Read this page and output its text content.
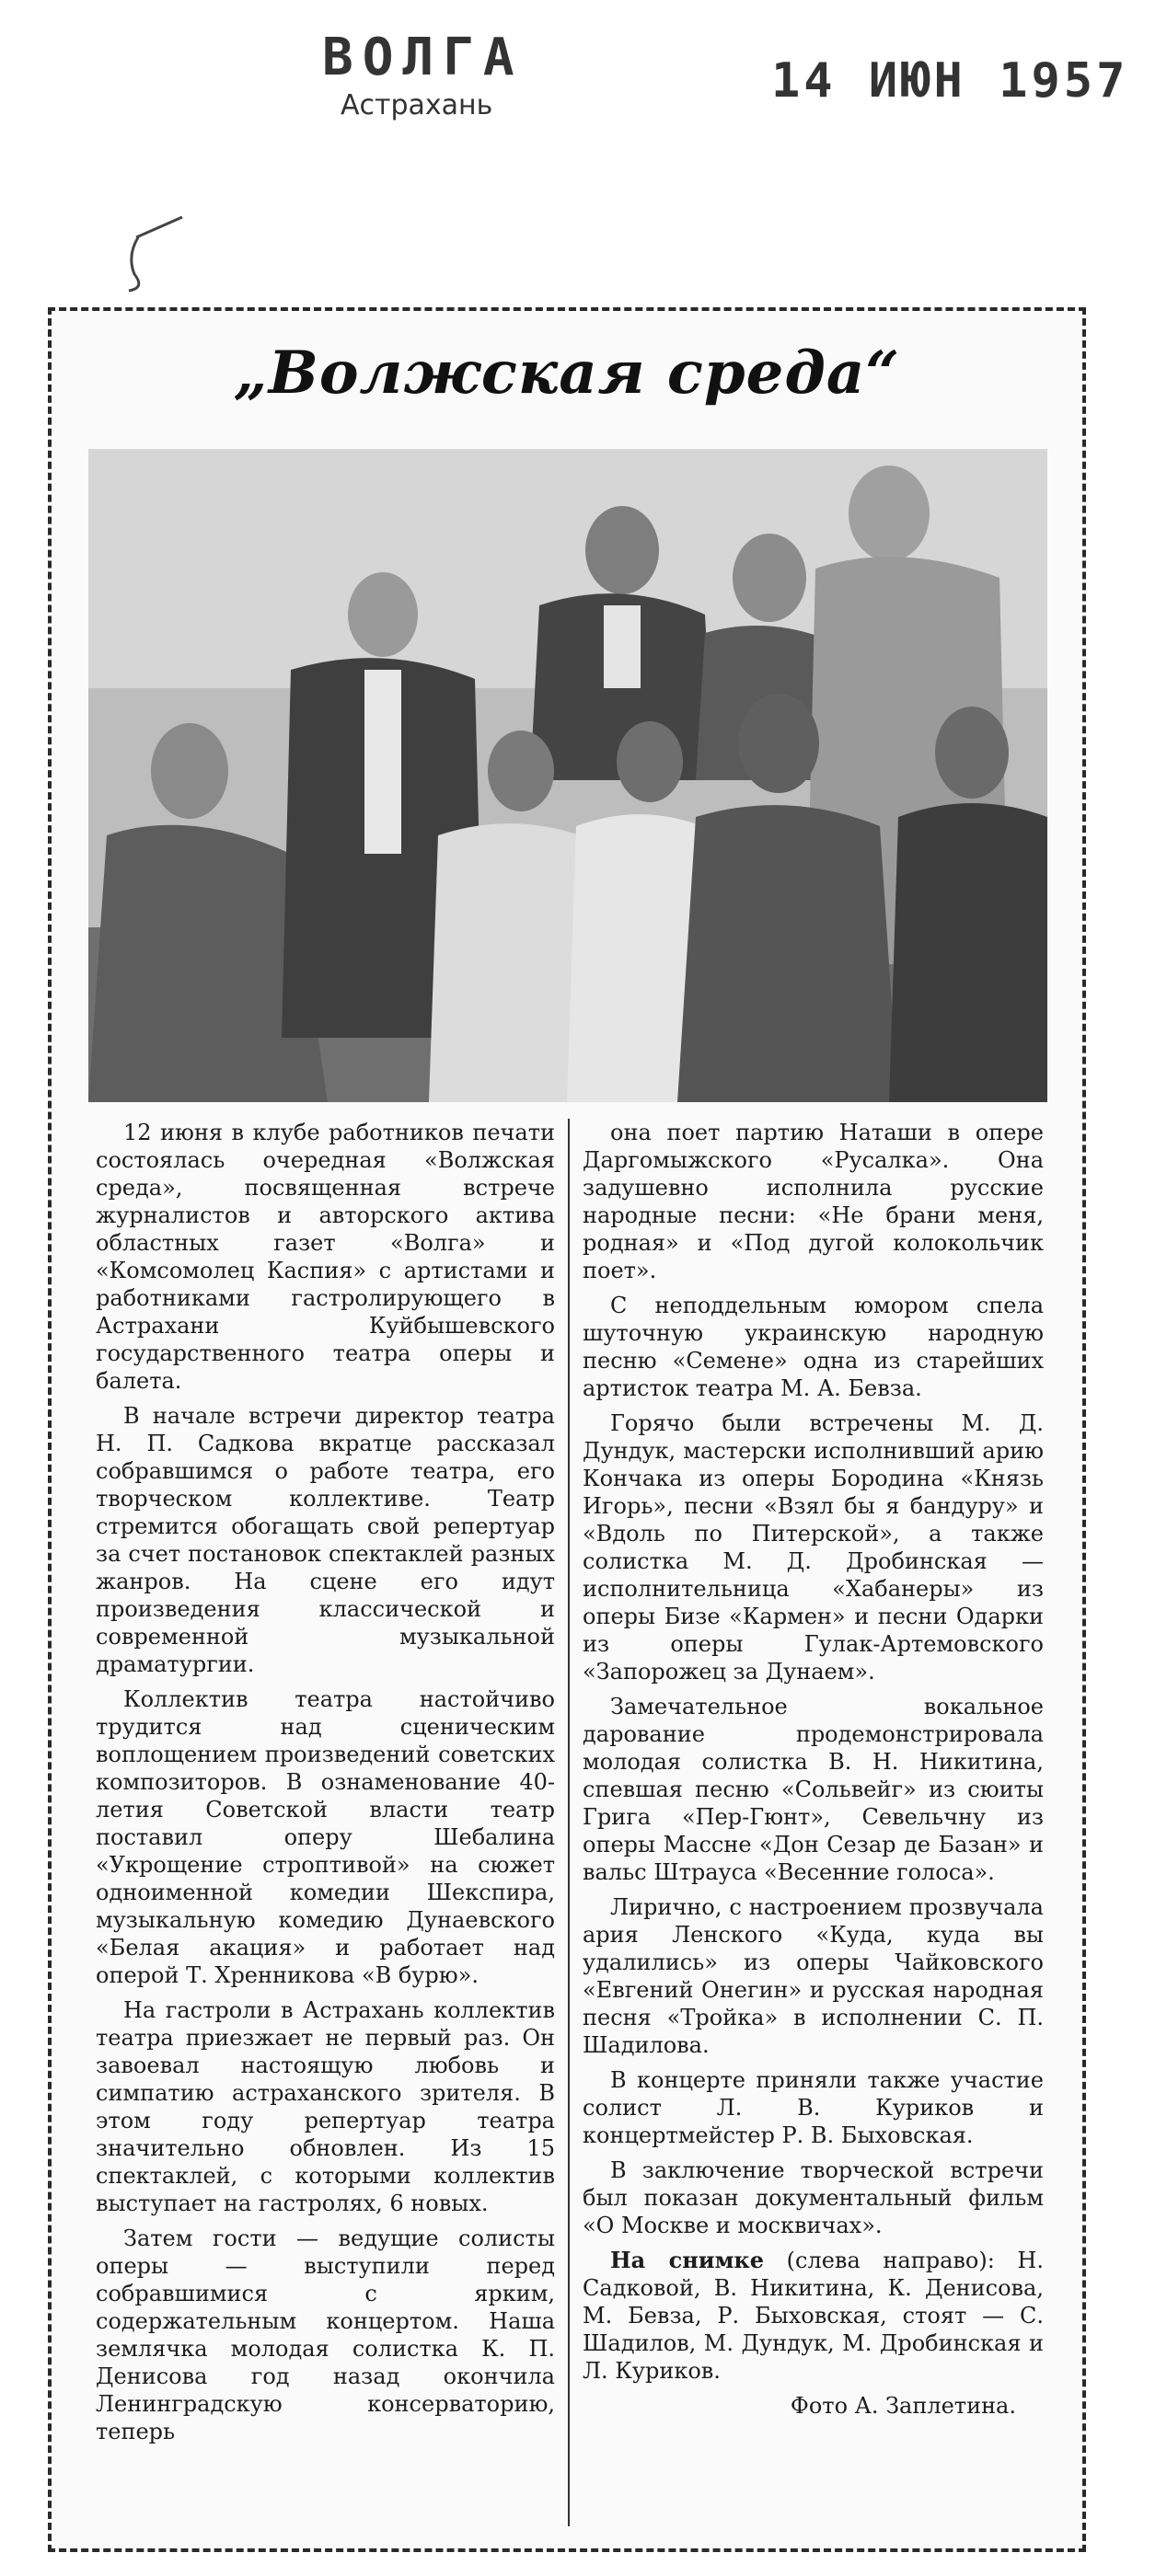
ВОЛГА
Астрахань	14 ИЮН 1957
„Волжская среда“

12 июня в клубе работников печати состоялась очередная «Волжская среда», посвященная встрече журналистов и авторского актива областных газет «Волга» и «Комсомолец Каспия» с артистами и работниками гастролирующего в Астрахани Куйбышевского государственного театра оперы и балета.

В начале встречи директор театра Н. П. Садкова вкратце рассказал собравшимся о работе театра, его творческом коллективе. Театр стремится обогащать свой репертуар за счет постановок спектаклей разных жанров. На сцене его идут произведения классической и современной музыкальной драматургии.

Коллектив театра настойчиво трудится над сценическим воплощением произведений советских композиторов. В ознаменование 40-летия Советской власти театр поставил оперу Шебалина «Укрощение строптивой» на сюжет одноименной комедии Шекспира, музыкальную комедию Дунаевского «Белая акация» и работает над оперой Т. Хренникова «В бурю».

На гастроли в Астрахань коллектив театра приезжает не первый раз. Он завоевал настоящую любовь и симпатию астраханского зрителя. В этом году репертуар театра значительно обновлен. Из 15 спектаклей, с которыми коллектив выступает на гастролях, 6 новых.

Затем гости — ведущие солисты оперы — выступили перед собравшимися с ярким, содержательным концертом. Наша землячка молодая солистка К. П. Денисова год назад окончила Ленинградскую консерваторию, теперь

она поет партию Наташи в опере Даргомыжского «Русалка». Она задушевно исполнила русские народные песни: «Не брани меня, родная» и «Под дугой колокольчик поет».

С неподдельным юмором спела шуточную украинскую народную песню «Семене» одна из старейших артисток театра М. А. Бевза.

Горячо были встречены М. Д. Дундук, мастерски исполнивший арию Кончака из оперы Бородина «Князь Игорь», песни «Взял бы я бандуру» и «Вдоль по Питерской», а также солистка М. Д. Дробинская — исполнительница «Хабанеры» из оперы Бизе «Кармен» и песни Одарки из оперы Гулак-Артемовского «Запорожец за Дунаем».

Замечательное вокальное дарование продемонстрировала молодая солистка В. Н. Никитина, спевшая песню «Сольвейг» из сюиты Грига «Пер-Гюнт», Севельчну из оперы Массне «Дон Сезар де Базан» и вальс Штрауса «Весенние голоса».

Лирично, с настроением прозвучала ария Ленского «Куда, куда вы удалились» из оперы Чайковского «Евгений Онегин» и русская народная песня «Тройка» в исполнении С. П. Шадилова.

В концерте приняли также участие солист Л. В. Куриков и концертмейстер Р. В. Быховская.

В заключение творческой встречи был показан документальный фильм «О Москве и москвичах».

На снимке (слева направо): Н. Садковой, В. Никитина, К. Денисова, М. Бевза, Р. Быховская, стоят — С. Шадилов, М. Дундук, М. Дробинская и Л. Куриков.

Фото А. Заплетина.
